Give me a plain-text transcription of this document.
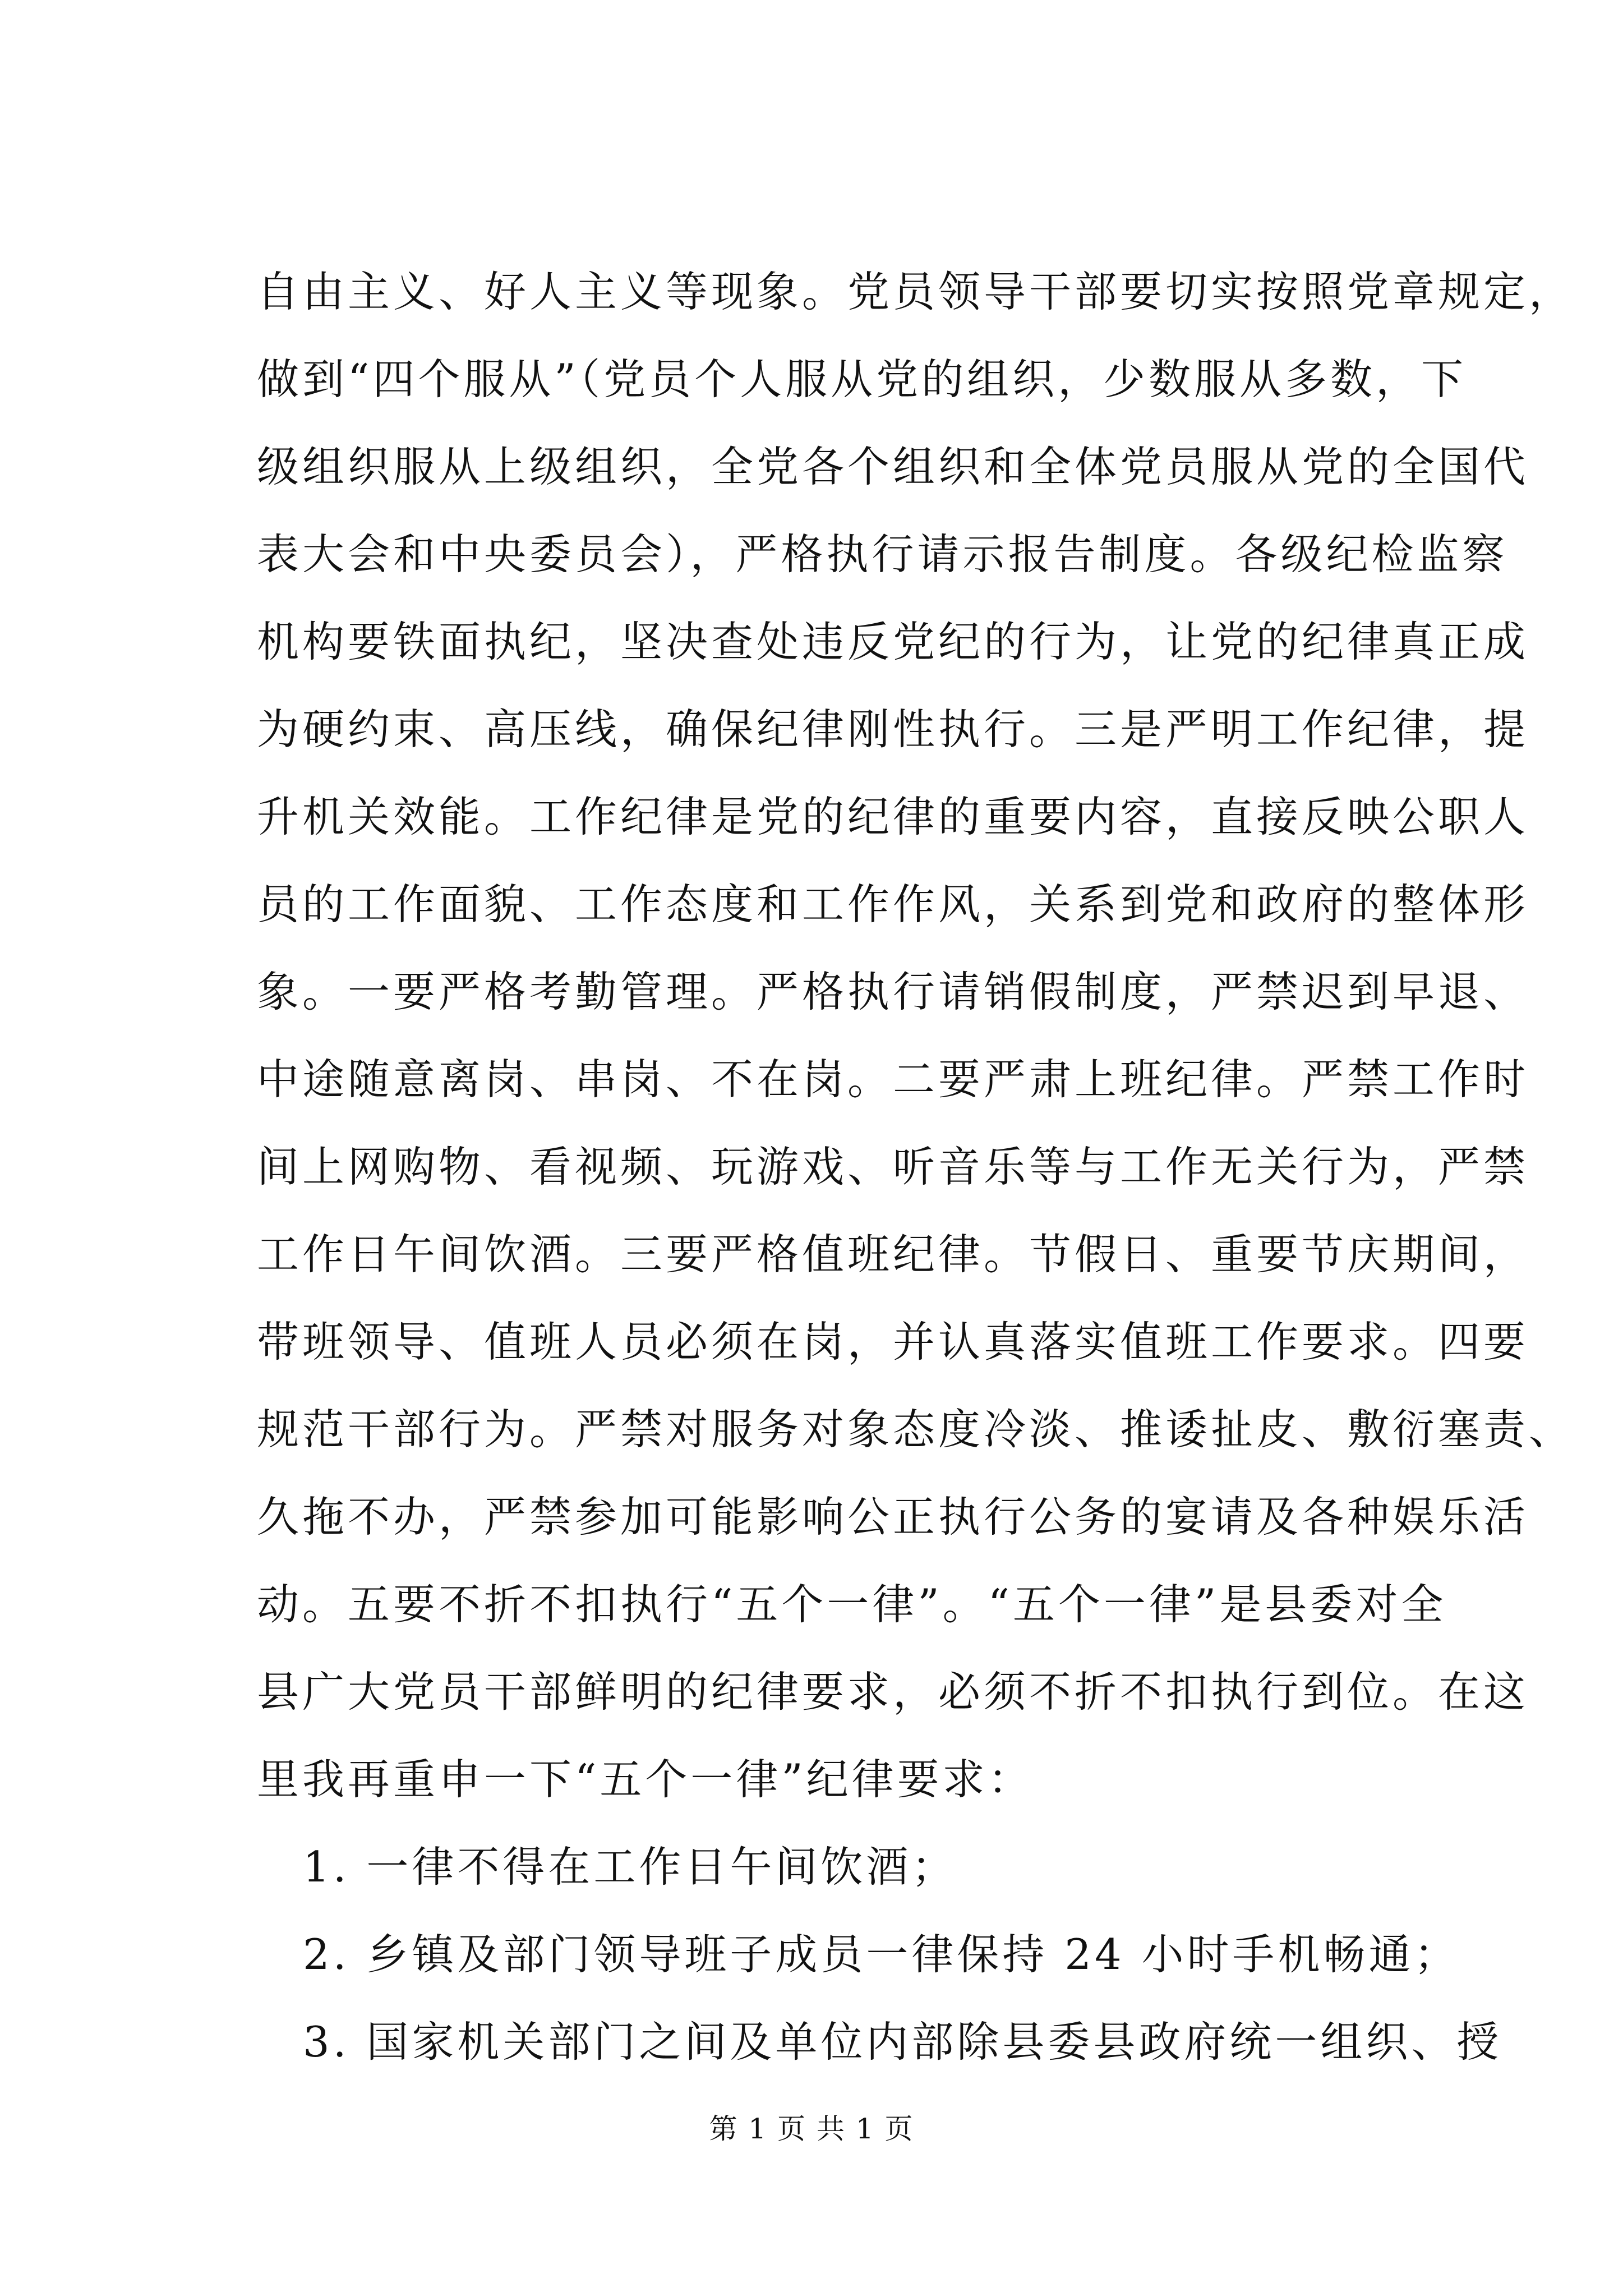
自由主义、好人主义等现象。党员领导干部要切实按照党章规定，
做到“四个服从”（党员个人服从党的组织，少数服从多数，下
级组织服从上级组织，全党各个组织和全体党员服从党的全国代
表大会和中央委员会），严格执行请示报告制度。各级纪检监察
机构要铁面执纪，坚决查处违反党纪的行为，让党的纪律真正成
为硬约束、高压线，确保纪律刚性执行。三是严明工作纪律，提
升机关效能。工作纪律是党的纪律的重要内容，直接反映公职人
员的工作面貌、工作态度和工作作风，关系到党和政府的整体形
象。一要严格考勤管理。严格执行请销假制度，严禁迟到早退、
中途随意离岗、串岗、不在岗。二要严肃上班纪律。严禁工作时
间上网购物、看视频、玩游戏、听音乐等与工作无关行为，严禁
工作日午间饮酒。三要严格值班纪律。节假日、重要节庆期间，
带班领导、值班人员必须在岗，并认真落实值班工作要求。四要
规范干部行为。严禁对服务对象态度冷淡、推诿扯皮、敷衍塞责、
久拖不办，严禁参加可能影响公正执行公务的宴请及各种娱乐活
动。五要不折不扣执行“五个一律”。“五个一律”是县委对全
县广大党员干部鲜明的纪律要求，必须不折不扣执行到位。在这
里我再重申一下“五个一律”纪律要求：
1. 一律不得在工作日午间饮酒；
2. 乡镇及部门领导班子成员一律保持 24 小时手机畅通；
3. 国家机关部门之间及单位内部除县委县政府统一组织、授
第 1 页 共 1 页
